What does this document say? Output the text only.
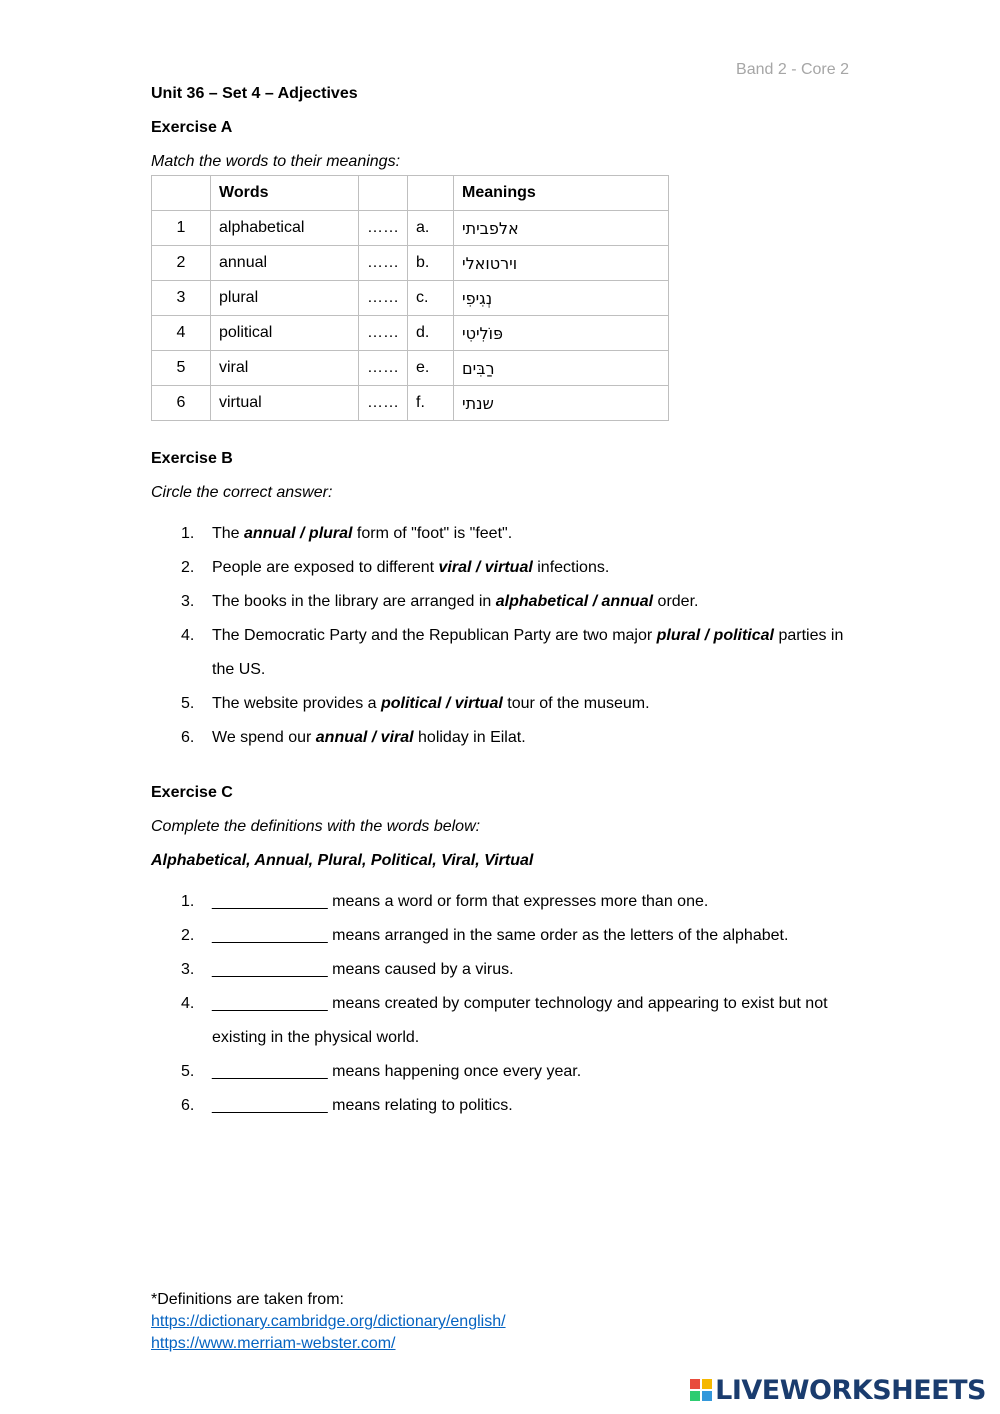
Band 2 - Core 2
Unit 36 – Set 4 – Adjectives
Exercise A
Match the words to their meanings:
	Words			Meanings
1	alphabetical	……	a.	אלפביתי
2	annual	……	b.	וירטואלי
3	plural	……	c.	נְגִיפִי
4	political	……	d.	פּוֹלִיטִי
5	viral	……	e.	רַבִּים
6	virtual	……	f.	שנתי
Exercise B
Circle the correct answer:
1.	The annual / plural form of "foot" is "feet".
2.	People are exposed to different viral / virtual infections.
3.	The books in the library are arranged in alphabetical / annual order.
4.	The Democratic Party and the Republican Party are two major plural / political parties in the US.
5.	The website provides a political / virtual tour of the museum.
6.	We spend our annual / viral holiday in Eilat.
Exercise C
Complete the definitions with the words below:
Alphabetical, Annual, Plural, Political, Viral, Virtual
1.	_____________ means a word or form that expresses more than one.
2.	_____________ means arranged in the same order as the letters of the alphabet.
3.	_____________ means caused by a virus.
4.	_____________ means created by computer technology and appearing to exist but not existing in the physical world.
5.	_____________ means happening once every year.
6.	_____________ means relating to politics.
*Definitions are taken from:
https://dictionary.cambridge.org/dictionary/english/
https://www.merriam-webster.com/
LIVEWORKSHEETS
